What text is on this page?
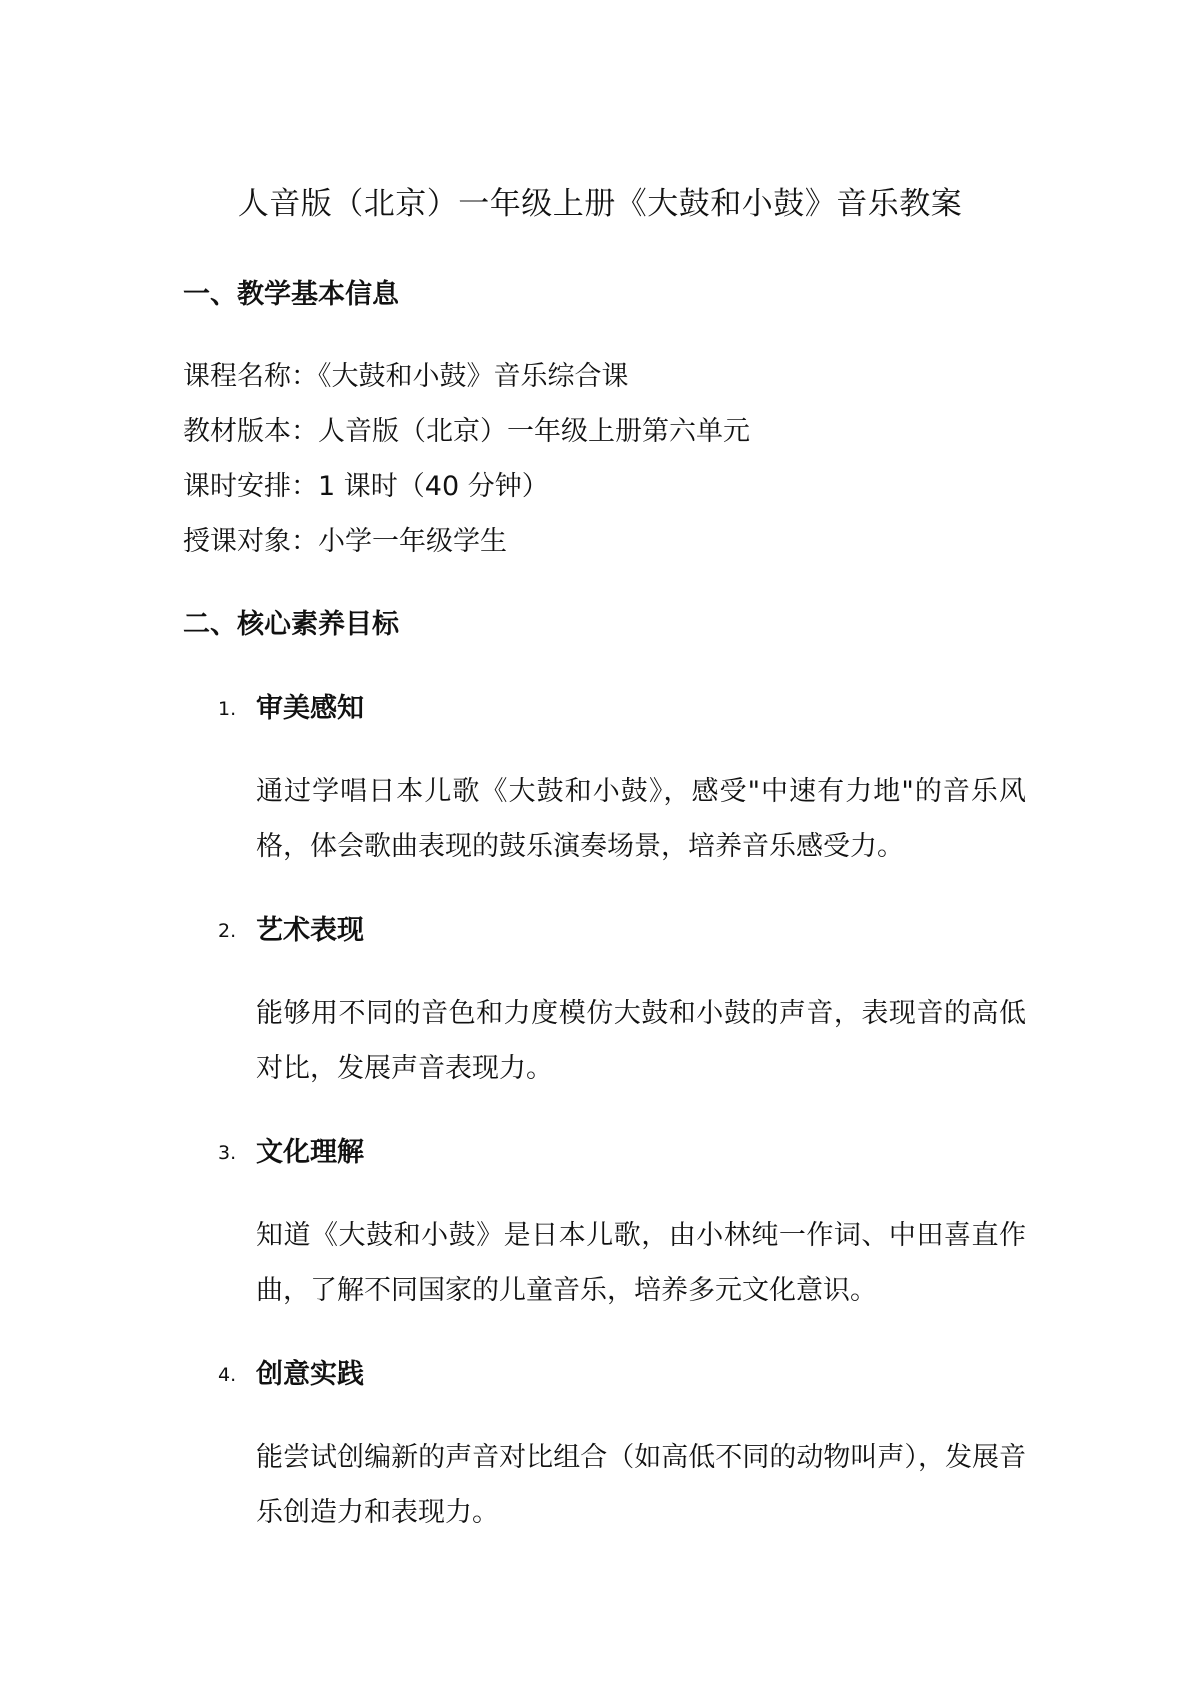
人音版（北京）一年级上册《大鼓和小鼓》音乐教案
一、教学基本信息

课程名称：《大鼓和小鼓》音乐综合课

教材版本：人音版（北京）一年级上册第六单元

课时安排：1 课时（40 分钟）

授课对象：小学一年级学生

二、核心素养目标
1. 审美感知

通过学唱日本儿歌《大鼓和小鼓》，感受"中速有力地"的音乐风格，体会歌曲表现的鼓乐演奏场景，培养音乐感受力。

2. 艺术表现

能够用不同的音色和力度模仿大鼓和小鼓的声音，表现音的高低对比，发展声音表现力。

3. 文化理解

知道《大鼓和小鼓》是日本儿歌，由小林纯一作词、中田喜直作曲，了解不同国家的儿童音乐，培养多元文化意识。

4. 创意实践

能尝试创编新的声音对比组合（如高低不同的动物叫声），发展音乐创造力和表现力。
